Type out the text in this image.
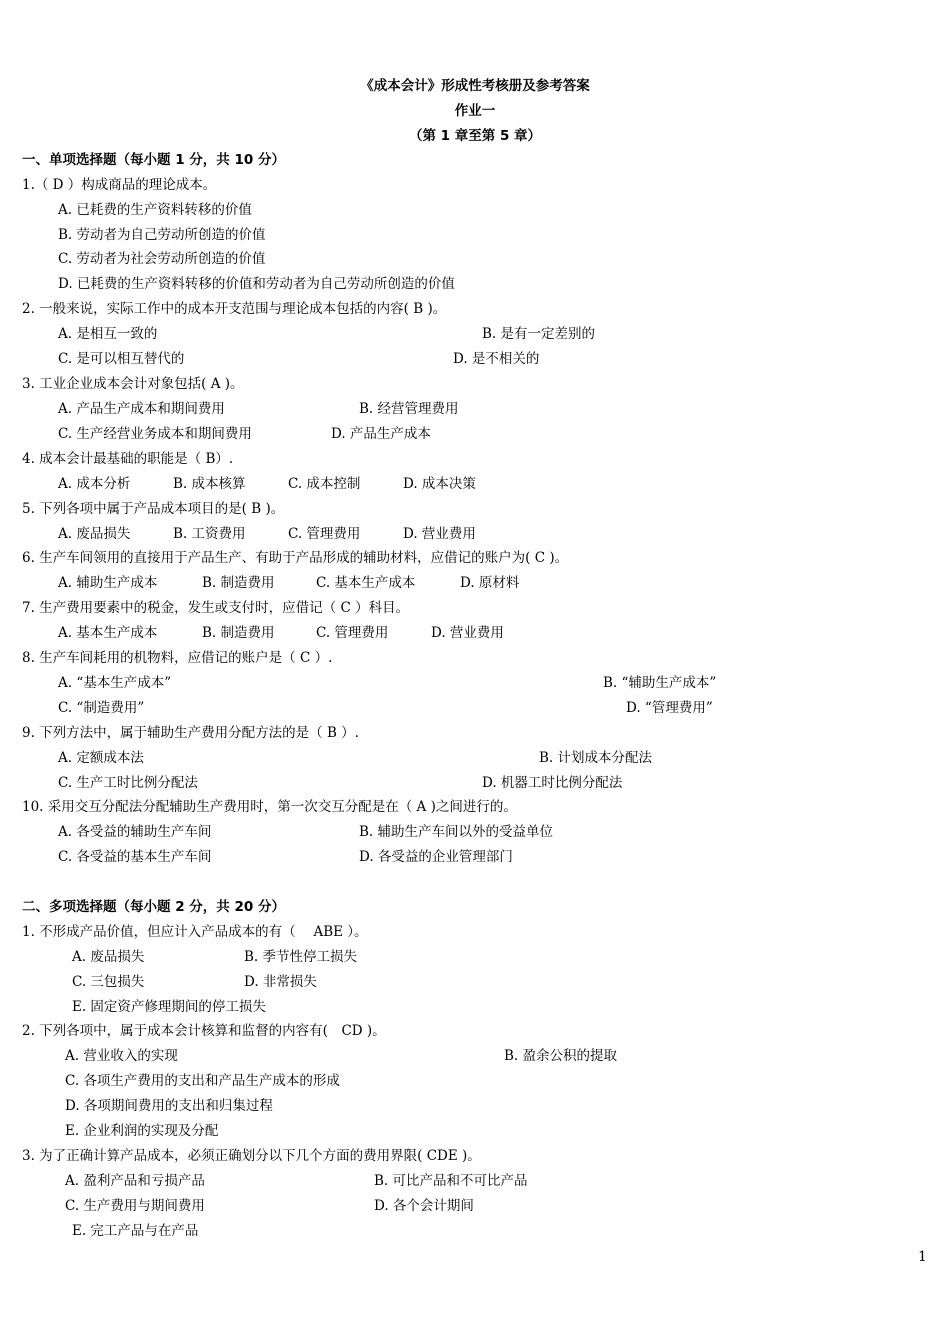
《成本会计》形成性考核册及参考答案
作业一
（第 1 章至第 5 章）
一、单项选择题（每小题 1 分，共 10 分）
1.（ D ）构成商品的理论成本。
A. 已耗费的生产资料转移的价值
B. 劳动者为自己劳动所创造的价值
C. 劳动者为社会劳动所创造的价值
D. 已耗费的生产资料转移的价值和劳动者为自己劳动所创造的价值
2. 一般来说，实际工作中的成本开支范围与理论成本包括的内容( B )。
A. 是相互一致的	B. 是有一定差别的
C. 是可以相互替代的	D. 是不相关的
3. 工业企业成本会计对象包括( A )。
A. 产品生产成本和期间费用	B. 经营管理费用
C. 生产经营业务成本和期间费用	D. 产品生产成本
4. 成本会计最基础的职能是（ B）.
A. 成本分析	B. 成本核算	C. 成本控制	D. 成本决策
5. 下列各项中属于产品成本项目的是( B )。
A. 废品损失	B. 工资费用	C. 管理费用	D. 营业费用
6. 生产车间领用的直接用于产品生产、有助于产品形成的辅助材料，应借记的账户为( C )。
A. 辅助生产成本	B. 制造费用	C. 基本生产成本	D. 原材料
7. 生产费用要素中的税金，发生或支付时，应借记（ C ）科目。
A. 基本生产成本	B. 制造费用	C. 管理费用	D. 营业费用
8. 生产车间耗用的机物料，应借记的账户是（ C ）.
A. “基本生产成本”	B. “辅助生产成本”
C. “制造费用”	D. “管理费用”
9. 下列方法中，属于辅助生产费用分配方法的是（ B ）.
A. 定额成本法	B. 计划成本分配法
C. 生产工时比例分配法	D. 机器工时比例分配法
10. 采用交互分配法分配辅助生产费用时，第一次交互分配是在（ A )之间进行的。
A. 各受益的辅助生产车间	B. 辅助生产车间以外的受益单位
C. 各受益的基本生产车间	D. 各受益的企业管理部门
二、多项选择题（每小题 2 分，共 20 分）
1. 不形成产品价值，但应计入产品成本的有（　 ABE ）。
A. 废品损失	B. 季节性停工损失
C. 三包损失	D. 非常损失
E. 固定资产修理期间的停工损失
2. 下列各项中，属于成本会计核算和监督的内容有(　CD )。
A. 营业收入的实现	B. 盈余公积的提取
C. 各项生产费用的支出和产品生产成本的形成
D. 各项期间费用的支出和归集过程
E. 企业利润的实现及分配
3. 为了正确计算产品成本，必须正确划分以下几个方面的费用界限( CDE )。
A. 盈利产品和亏损产品	B. 可比产品和不可比产品
C. 生产费用与期间费用	D. 各个会计期间
E. 完工产品与在产品
1
